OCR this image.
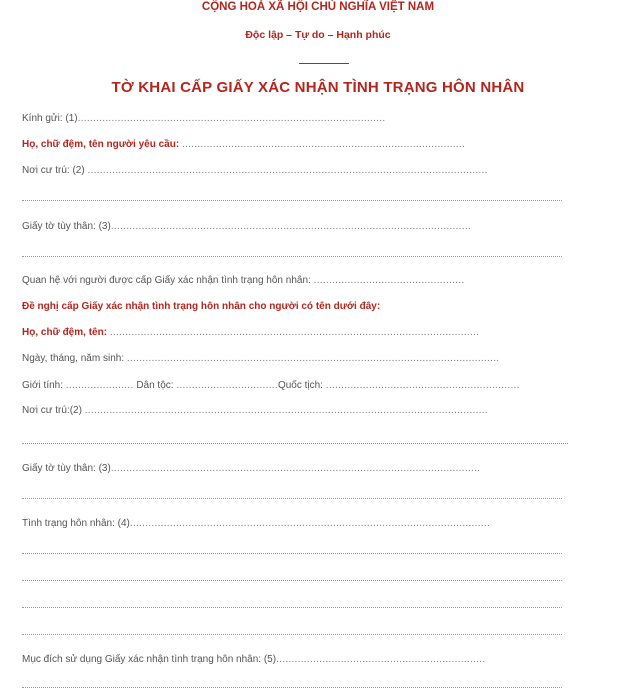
CỘNG HOÀ XÃ HỘI CHỦ NGHĨA VIỆT NAM
Độc lập – Tự do – Hạnh phúc
TỜ KHAI CẤP GIẤY XÁC NHẬN TÌNH TRẠNG HÔN NHÂN
Kính gửi: (1)....................................................................................................
Họ, chữ đệm, tên người yêu cầu: ............................................................................................
Nơi cư trú: (2) ..................................................................................................................................
Giấy tờ tùy thân: (3).....................................................................................................................
Quan hệ với người được cấp Giấy xác nhận tình trạng hôn nhân: .................................................
Đề nghị cấp Giấy xác nhận tình trạng hôn nhân cho người có tên dưới đây:
Họ, chữ đệm, tên: ........................................................................................................................
Ngày, tháng, năm sinh: .........................................................................................................................
Giới tính: ...................... Dân tộc: .................................Quốc tịch: ...............................................................
Nơi cư trú:(2) ...................................................................................................................................
Giấy tờ tùy thân: (3)........................................................................................................................
Tình trạng hôn nhân: (4).....................................................................................................................
Mục đích sử dụng Giấy xác nhận tình trạng hôn nhân: (5)....................................................................
